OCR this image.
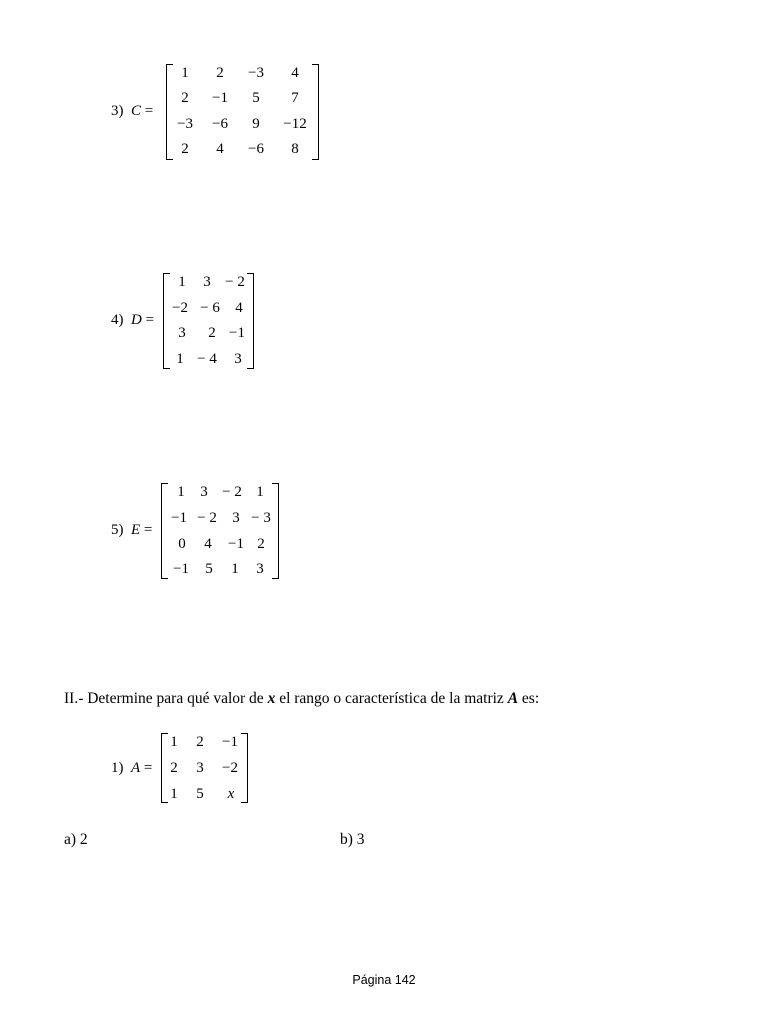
3) C =
1 2 −3 4
2 −1 5 7
−3 −6 9 −12
2 4 −6 8
4) D =
1 3 − 2
−2 − 6 4
3 2 −1
1 − 4 3
5) E =
1 3 − 2 1
−1 − 2 3 − 3
0 4 −1 2
−1 5 1 3
II.- Determine para qué valor de x el rango o característica de la matriz A es:
1) A =
1 2 −1
2 3 −2
1 5 x
a) 2	b) 3
Página 142
